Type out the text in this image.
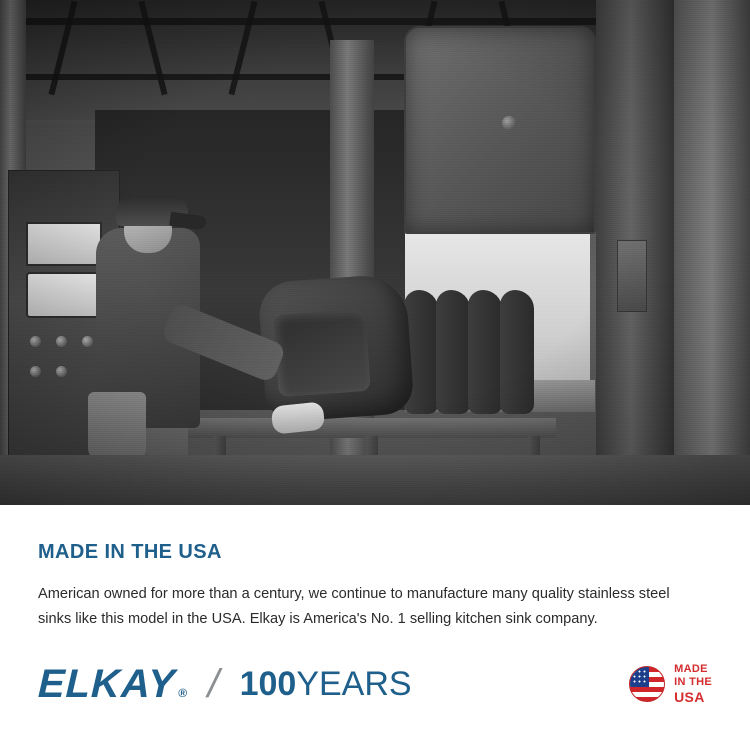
MADE IN THE USA

American owned for more than a century, we continue to manufacture many quality stainless steel sinks like this model in the USA. Elkay is America's No. 1 selling kitchen sink company.

ELKAY ® / 100 YEARS	MADE
IN THE
USA
